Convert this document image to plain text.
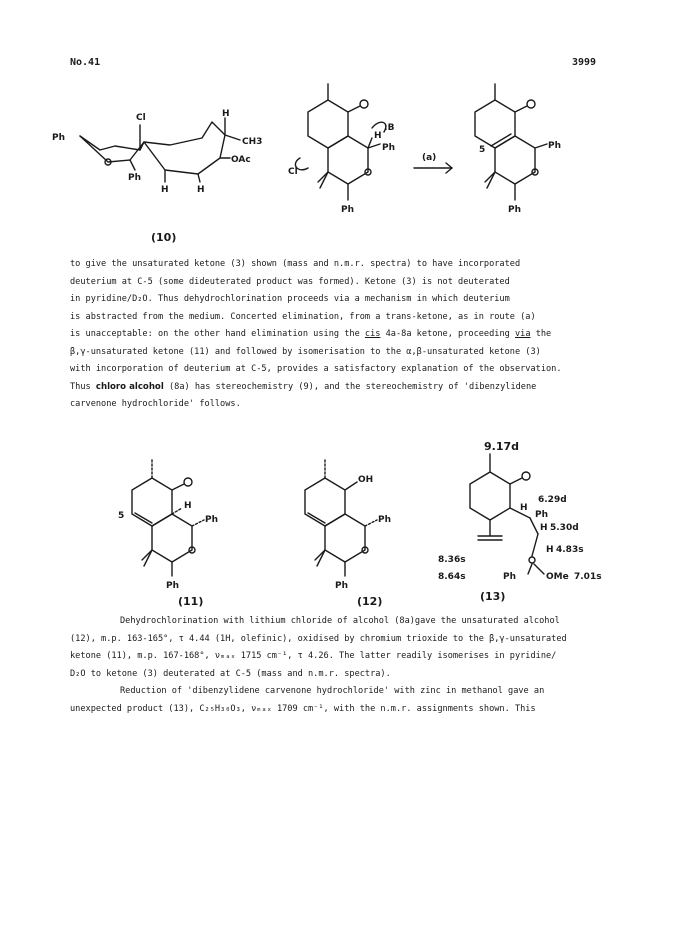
No.41	3999
Cl	H
CH3
Ph
OAc
Ph
H	H
(10)
:B
H
Ph
Cl
Ph
(a)
5	Ph
Ph
to give the unsaturated ketone (3) shown (mass and n.m.r. spectra) to have incorporated
deuterium at C-5 (some dideuterated product was formed). Ketone (3) is not deuterated
in pyridine/D₂O. Thus dehydrochlorination proceeds via a mechanism in which deuterium
is abstracted from the medium. Concerted elimination, from a trans-ketone, as in route (a)
is unacceptable: on the other hand elimination using the cis 4a-8a ketone, proceeding via the
β,γ-unsaturated ketone (11) and followed by isomerisation to the α,β-unsaturated ketone (3)
with incorporation of deuterium at C-5, provides a satisfactory explanation of the observation.
Thus chloro alcohol (8a) has stereochemistry (9), and the stereochemistry of 'dibenzylidene
carvenone hydrochloride' follows.
5
H
Ph
Ph
(11)
OH
Ph
Ph
(12)
9.17d
6.29d
H
Ph
H 5.30d
H 4.83s
8.36s
8.64s	Ph	OMe 7.01s
(13)
Dehydrochlorination with lithium chloride of alcohol (8a)gave the unsaturated alcohol
(12), m.p. 163-165°, τ 4.44 (1H, olefinic), oxidised by chromium trioxide to the β,γ-unsaturated
ketone (11), m.p. 167-168°, νₘₐₓ 1715 cm⁻¹, τ 4.26. The latter readily isomerises in pyridine/
D₂O to ketone (3) deuterated at C-5 (mass and n.m.r. spectra).
Reduction of 'dibenzylidene carvenone hydrochloride' with zinc in methanol gave an
unexpected product (13), C₂₅H₃₀O₃, νₘₐₓ 1709 cm⁻¹, with the n.m.r. assignments shown. This
